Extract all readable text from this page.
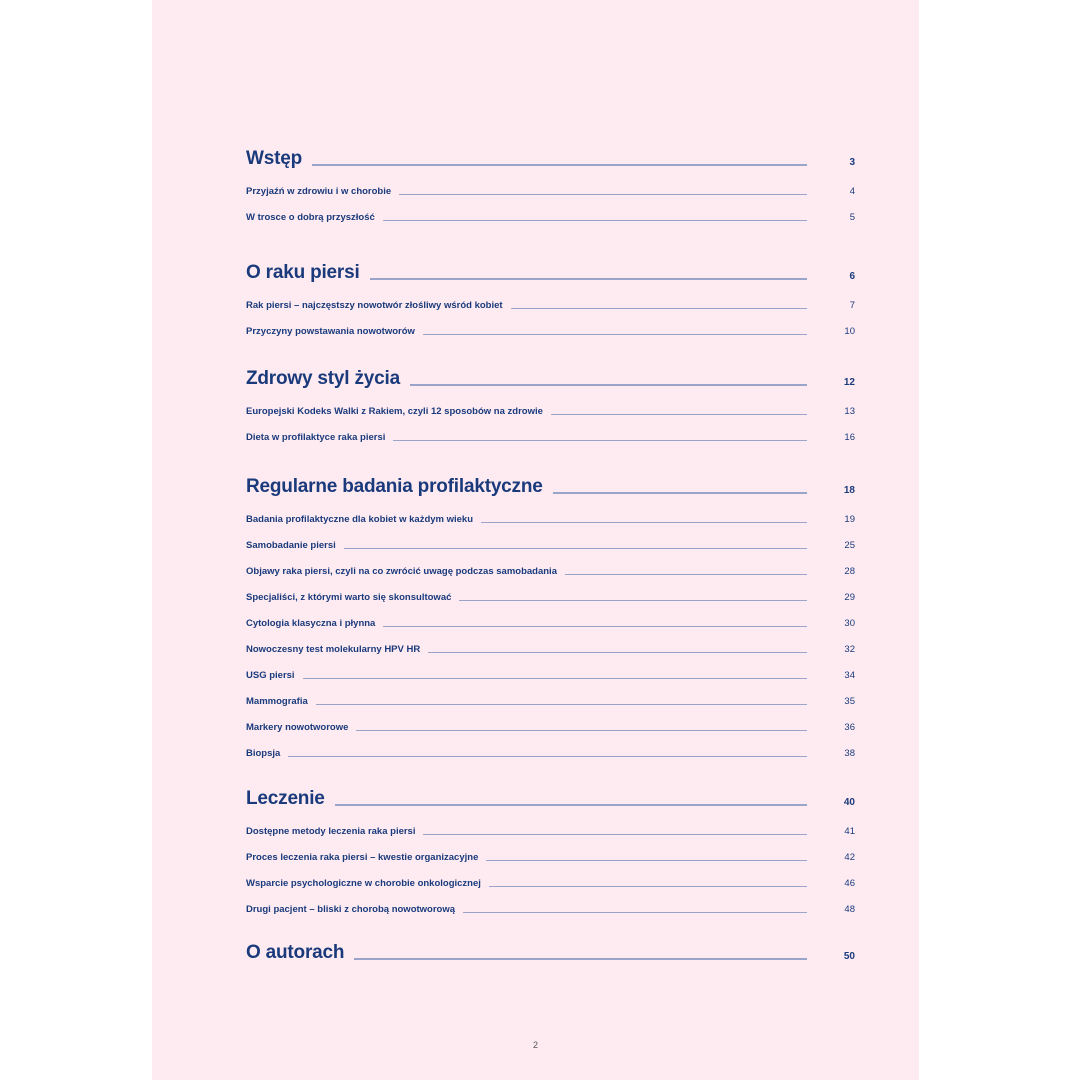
Wstęp	3
Przyjaźń w zdrowiu i w chorobie	4
W trosce o dobrą przyszłość	5
O raku piersi	6
Rak piersi – najczęstszy nowotwór złośliwy wśród kobiet	7
Przyczyny powstawania nowotworów	10
Zdrowy styl życia	12
Europejski Kodeks Walki z Rakiem, czyli 12 sposobów na zdrowie	13
Dieta w profilaktyce raka piersi	16
Regularne badania profilaktyczne	18
Badania profilaktyczne dla kobiet w każdym wieku	19
Samobadanie piersi	25
Objawy raka piersi, czyli na co zwrócić uwagę podczas samobadania	28
Specjaliści, z którymi warto się skonsultować	29
Cytologia klasyczna i płynna	30
Nowoczesny test molekularny HPV HR	32
USG piersi	34
Mammografia	35
Markery nowotworowe	36
Biopsja	38
Leczenie	40
Dostępne metody leczenia raka piersi	41
Proces leczenia raka piersi – kwestie organizacyjne	42
Wsparcie psychologiczne w chorobie onkologicznej	46
Drugi pacjent – bliski z chorobą nowotworową	48
O autorach	50
2
